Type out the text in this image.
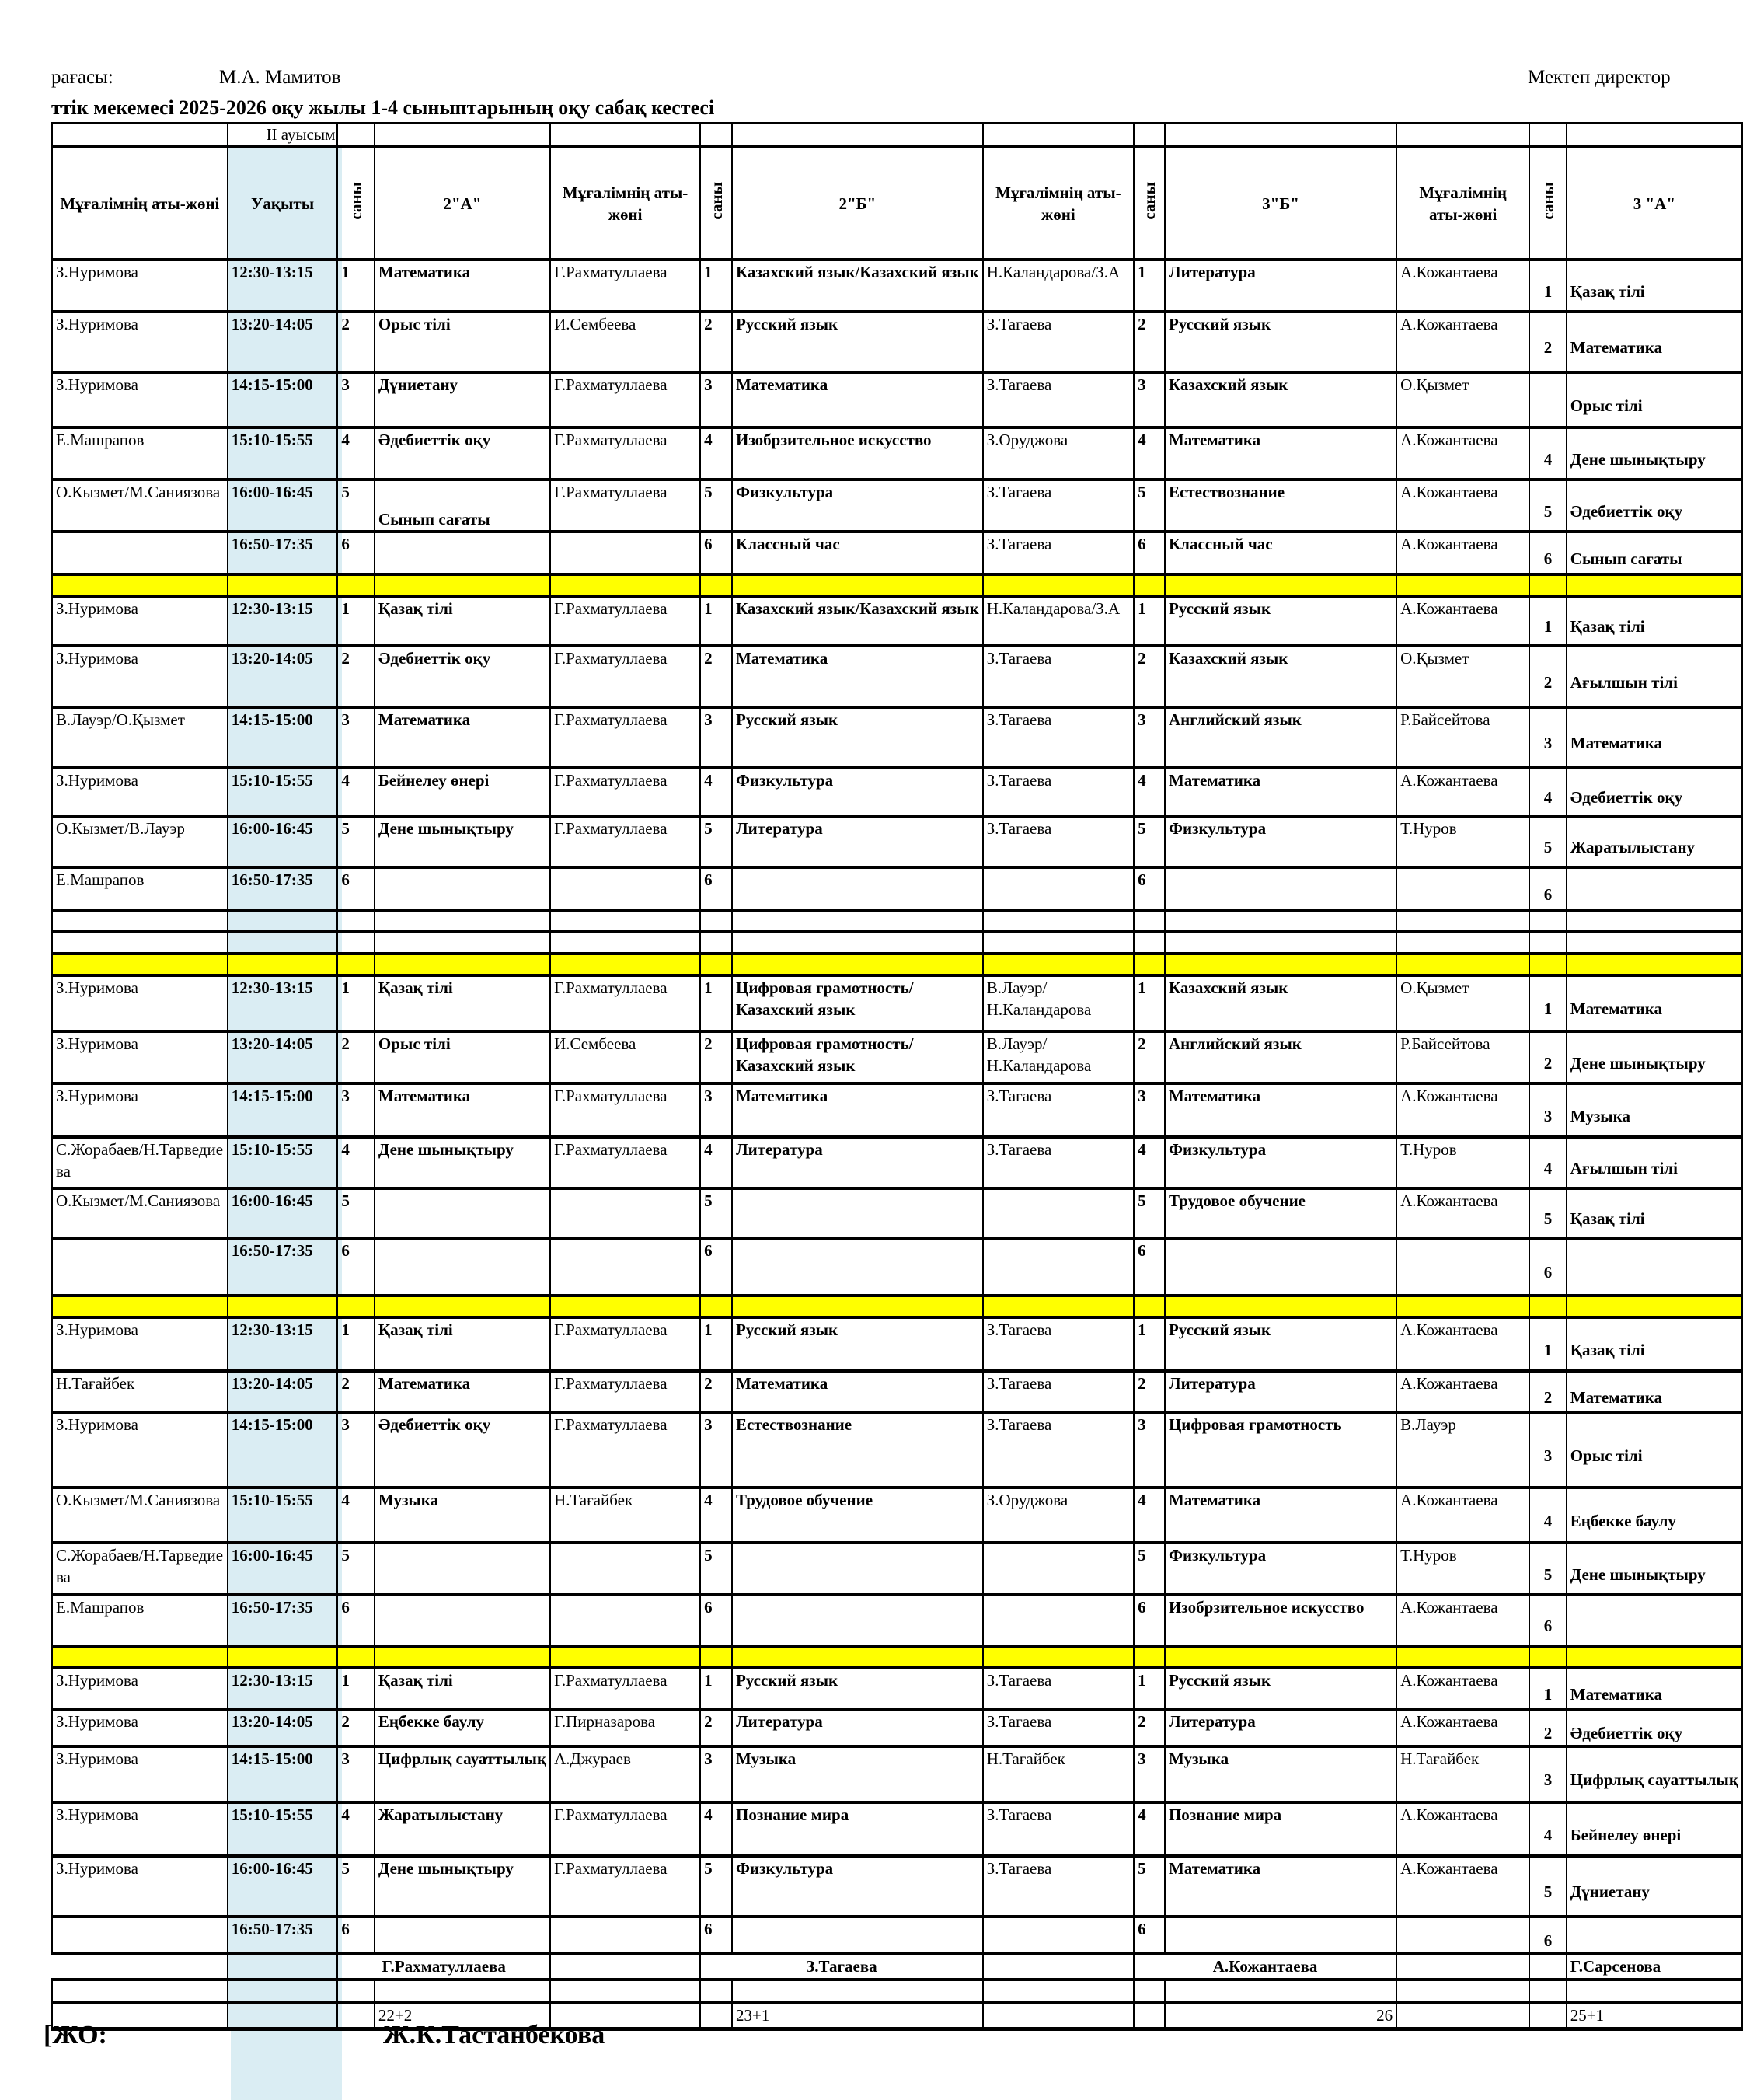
рағасы:	М.А. Мамитов	Мектеп директор
ттік мекемесі 2025-2026 оқу жылы 1-4 сыныптарының оқу сабақ кестесі
	II ауысым											
Мұғалімнің аты-жөні	Уақыты	саны	2"А"	Мұғалімнің аты-жөні	саны	2"Б"	Мұғалімнің аты-жөні	саны	3"Б"	Мұғалімнің аты-жөні	саны	3 "А"
З.Нуримова	12:30-13:15	1	Математика	Г.Рахматуллаева	1	Казахский язык/Казахский язык	Н.Каландарова/З.А	1	Литература	А.Кожантаева	1	Қазақ тілі
З.Нуримова	13:20-14:05	2	Орыс тілі	И.Сембеева	2	Русский язык	З.Тагаева	2	Русский язык	А.Кожантаева	2	Математика
З.Нуримова	14:15-15:00	3	Дүниетану	Г.Рахматуллаева	3	Математика	З.Тагаева	3	Казахский язык	О.Қызмет		Орыс тілі
Е.Машрапов	15:10-15:55	4	Әдебиеттік оқу	Г.Рахматуллаева	4	Изобрзительное искусство	З.Оруджова	4	Математика	А.Кожантаева	4	Дене шынықтыру
О.Кызмет/М.Саниязова	16:00-16:45	5	Сынып сағаты	Г.Рахматуллаева	5	Физкультура	З.Тагаева	5	Естествознание	А.Кожантаева	5	Әдебиеттік оқу
	16:50-17:35	6			6	Классный час	З.Тагаева	6	Классный час	А.Кожантаева	6	Сынып сағаты

З.Нуримова	12:30-13:15	1	Қазақ тілі	Г.Рахматуллаева	1	Казахский язык/Казахский язык	Н.Каландарова/З.А	1	Русский язык	А.Кожантаева	1	Қазақ тілі
З.Нуримова	13:20-14:05	2	Әдебиеттік оқу	Г.Рахматуллаева	2	Математика	З.Тагаева	2	Казахский язык	О.Қызмет	2	Ағылшын тілі
В.Лауэр/О.Қызмет	14:15-15:00	3	Математика	Г.Рахматуллаева	3	Русский язык	З.Тагаева	3	Английский язык	Р.Байсейтова	3	Математика
З.Нуримова	15:10-15:55	4	Бейнелеу өнері	Г.Рахматуллаева	4	Физкультура	З.Тагаева	4	Математика	А.Кожантаева	4	Әдебиеттік оқу
О.Кызмет/В.Лауэр	16:00-16:45	5	Дене шынықтыру	Г.Рахматуллаева	5	Литература	З.Тагаева	5	Физкультура	Т.Нуров	5	Жаратылыстану
Е.Машрапов	16:50-17:35	6			6			6			6	

З.Нуримова	12:30-13:15	1	Қазақ тілі	Г.Рахматуллаева	1	Цифровая грамотность/ Казахский язык	В.Лауэр/ Н.Каландарова	1	Казахский язык	О.Қызмет	1	Математика
З.Нуримова	13:20-14:05	2	Орыс тілі	И.Сембеева	2	Цифровая грамотность/ Казахский язык	В.Лауэр/ Н.Каландарова	2	Английский язык	Р.Байсейтова	2	Дене шынықтыру
З.Нуримова	14:15-15:00	3	Математика	Г.Рахматуллаева	3	Математика	З.Тагаева	3	Математика	А.Кожантаева	3	Музыка
С.Жорабаев/Н.Тарведиева	15:10-15:55	4	Дене шынықтыру	Г.Рахматуллаева	4	Литература	З.Тагаева	4	Физкультура	Т.Нуров	4	Ағылшын тілі
О.Кызмет/М.Саниязова	16:00-16:45	5			5			5	Трудовое обучение	А.Кожантаева	5	Қазақ тілі
	16:50-17:35	6			6			6			6	

З.Нуримова	12:30-13:15	1	Қазақ тілі	Г.Рахматуллаева	1	Русский язык	З.Тагаева	1	Русский язык	А.Кожантаева	1	Қазақ тілі
Н.Тағайбек	13:20-14:05	2	Математика	Г.Рахматуллаева	2	Математика	З.Тагаева	2	Литература	А.Кожантаева	2	Математика
З.Нуримова	14:15-15:00	3	Әдебиеттік оқу	Г.Рахматуллаева	3	Естествознание	З.Тагаева	3	Цифровая грамотность	В.Лауэр	3	Орыс тілі
О.Кызмет/М.Саниязова	15:10-15:55	4	Музыка	Н.Тағайбек	4	Трудовое обучение	З.Оруджова	4	Математика	А.Кожантаева	4	Еңбекке баулу
С.Жорабаев/Н.Тарведиева	16:00-16:45	5			5			5	Физкультура	Т.Нуров	5	Дене шынықтыру
Е.Машрапов	16:50-17:35	6			6			6	Изобрзительное искусство	А.Кожантаева	6	

З.Нуримова	12:30-13:15	1	Қазақ тілі	Г.Рахматуллаева	1	Русский язык	З.Тагаева	1	Русский язык	А.Кожантаева	1	Математика
З.Нуримова	13:20-14:05	2	Еңбекке баулу	Г.Пирназарова	2	Литература	З.Тагаева	2	Литература	А.Кожантаева	2	Әдебиеттік оқу
З.Нуримова	14:15-15:00	3	Цифрлық сауаттылық	А.Джураев	3	Музыка	Н.Тағайбек	3	Музыка	Н.Тағайбек	3	Цифрлық сауаттылық
З.Нуримова	15:10-15:55	4	Жаратылыстану	Г.Рахматуллаева	4	Познание мира	З.Тагаева	4	Познание мира	А.Кожантаева	4	Бейнелеу өнері
З.Нуримова	16:00-16:45	5	Дене шынықтыру	Г.Рахматуллаева	5	Физкультура	З.Тагаева	5	Математика	А.Кожантаева	5	Дүниетану
	16:50-17:35	6			6			6			6	
		Г.Рахматуллаева			З.Тагаева			А.Кожантаева				Г.Сарсенова

			22+2			23+1			26			25+1
[ЖО:	Ж.К.Тастанбекова
